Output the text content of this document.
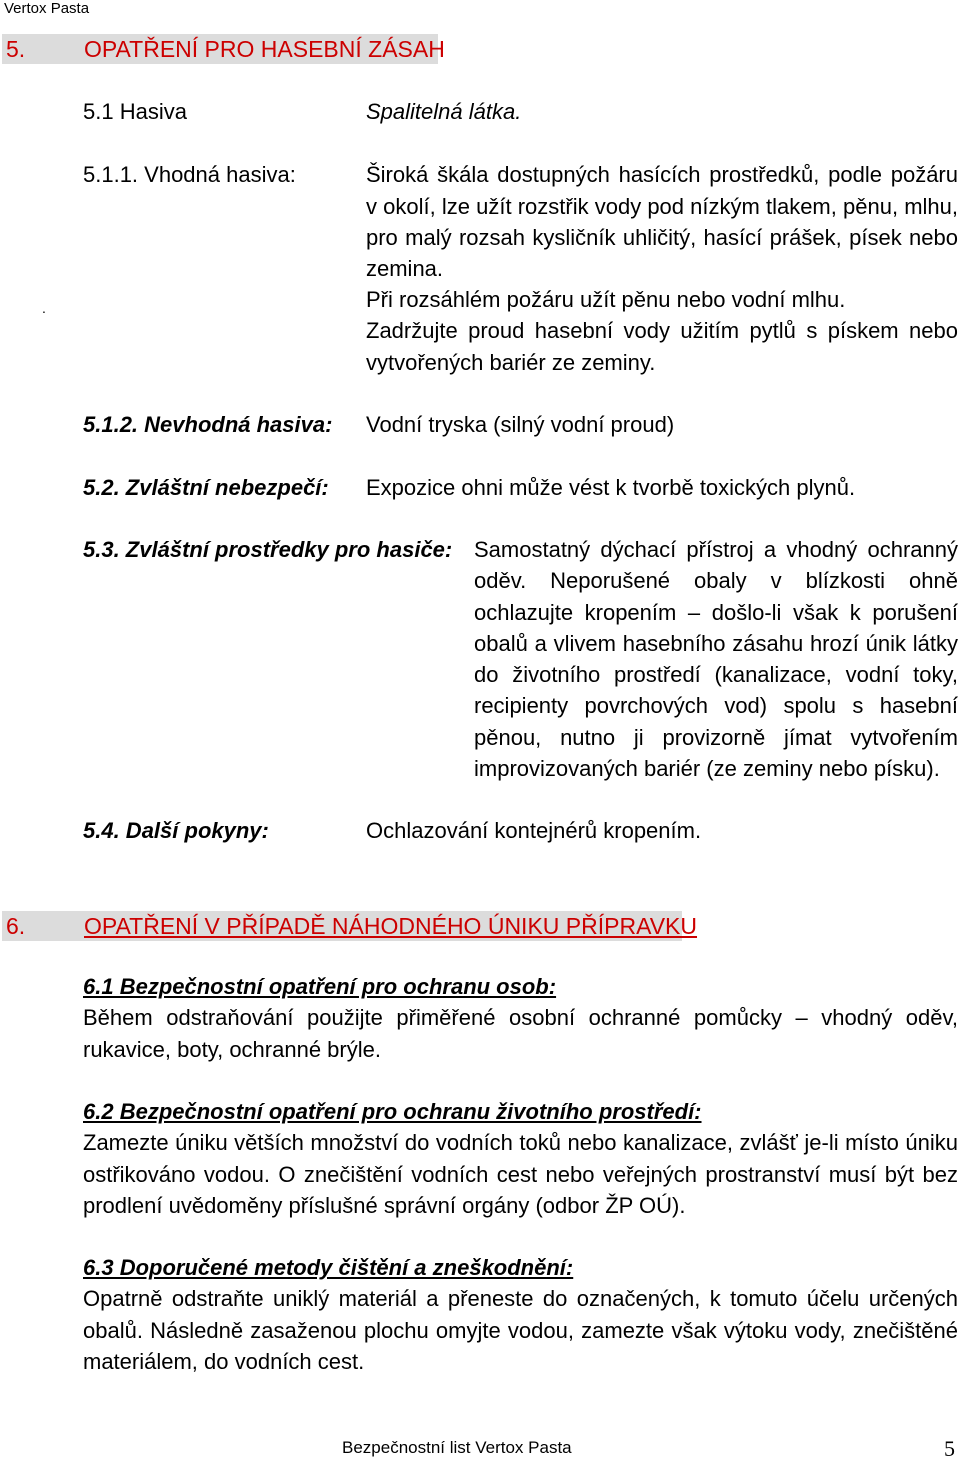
Vertox Pasta
5.	OPATŘENÍ PRO HASEBNÍ ZÁSAH
5.1 Hasiva	Spalitelná látka.
5.1.1. Vhodná hasiva:	Široká škála dostupných hasících prostředků, podle požáru
v okolí, lze užít rozstřik vody pod nízkým tlakem, pěnu, mlhu,
pro malý rozsah kysličník uhličitý, hasící prášek, písek nebo
zemina.
.	Při rozsáhlém požáru užít pěnu nebo vodní mlhu.
Zadržujte proud hasební vody užitím pytlů s pískem nebo
vytvořených bariér ze zeminy.
5.1.2. Nevhodná hasiva: Vodní tryska (silný vodní proud)
5.2. Zvláštní nebezpečí: Expozice ohni může vést k tvorbě toxických plynů.
5.3. Zvláštní prostředky pro hasiče: Samostatný dýchací přístroj a vhodný ochranný
oděv. Neporušené obaly v blízkosti ohně
ochlazujte kropením – došlo-li však k porušení
obalů a vlivem hasebního zásahu hrozí únik látky
do životního prostředí (kanalizace, vodní toky,
recipienty povrchových vod) spolu s hasební
pěnou, nutno ji provizorně jímat vytvořením
improvizovaných bariér (ze zeminy nebo písku).
5.4. Další pokyny:	Ochlazování kontejnérů kropením.
6.	OPATŘENÍ V PŘÍPADĚ NÁHODNÉHO ÚNIKU PŘÍPRAVKU
6.1 Bezpečnostní opatření pro ochranu osob:
Během odstraňování použijte přiměřené osobní ochranné pomůcky – vhodný oděv,
rukavice, boty, ochranné brýle.
6.2 Bezpečnostní opatření pro ochranu životního prostředí:
Zamezte úniku větších množství do vodních toků nebo kanalizace, zvlášť je-li místo úniku
ostřikováno vodou. O znečištění vodních cest nebo veřejných prostranství musí být bez
prodlení uvědoměny příslušné správní orgány (odbor ŽP OÚ).
6.3 Doporučené metody čištění a zneškodnění:
Opatrně odstraňte uniklý materiál a přeneste do označených, k tomuto účelu určených
obalů. Následně zasaženou plochu omyjte vodou, zamezte však výtoku vody, znečištěné
materiálem, do vodních cest.
Bezpečnostní list Vertox Pasta	5
